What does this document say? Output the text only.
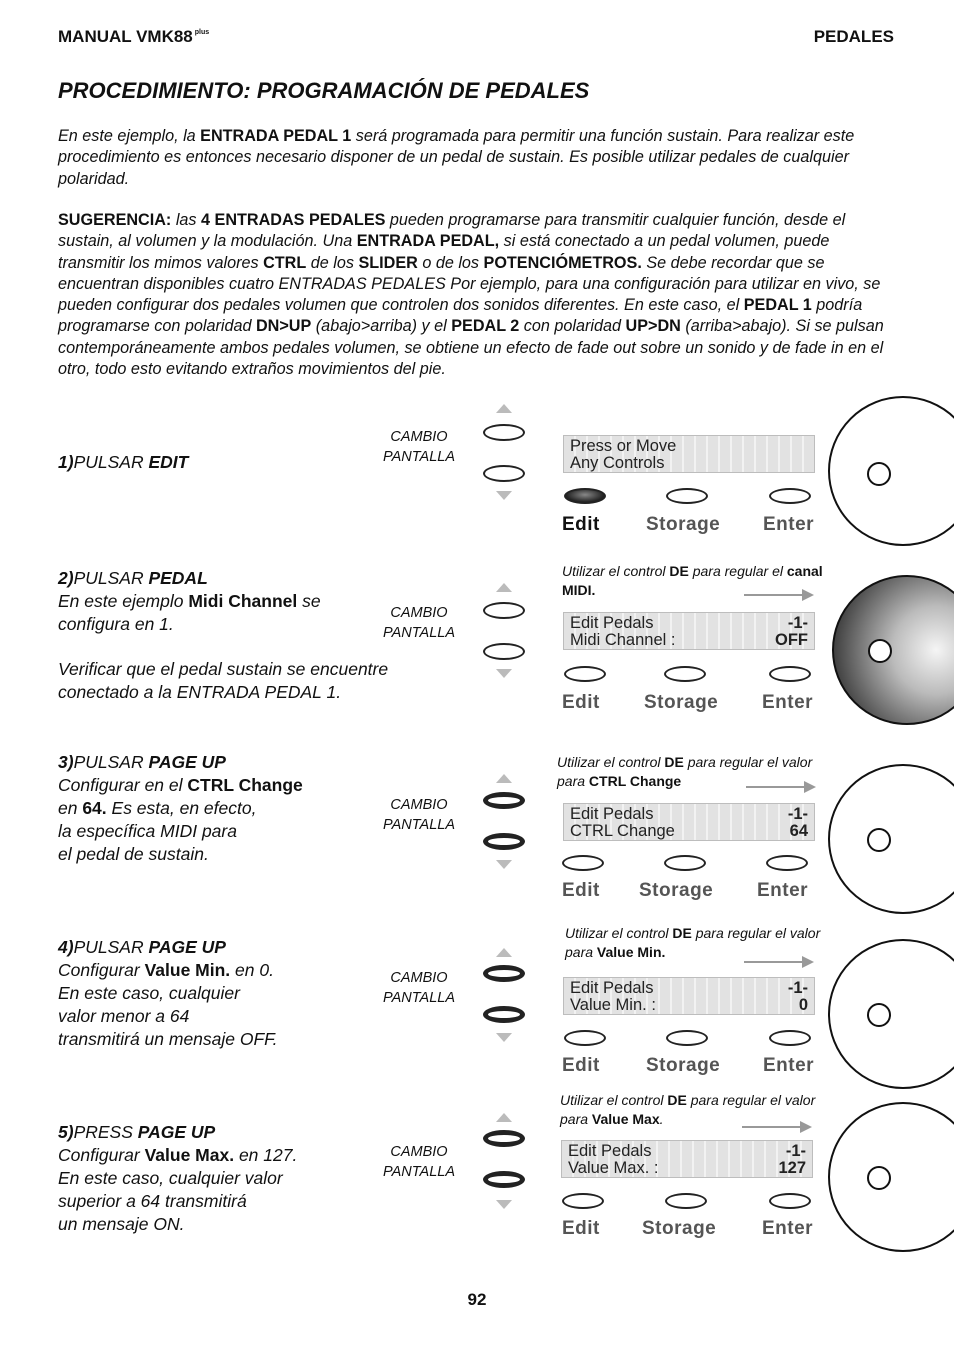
MANUAL VMK88 $^{plus}$	PEDALES
PROCEDIMIENTO: PROGRAMACIÓN DE PEDALES
En este ejemplo, la ENTRADA PEDAL 1 será programada para permitir una función sustain. Para realizar este procedimiento es entonces necesario disponer de un pedal de sustain. Es posible utilizar pedales de cualquier polaridad.
SUGERENCIA: las 4 ENTRADAS PEDALES pueden programarse para transmitir cualquier función, desde el sustain, al volumen y la modulación. Una ENTRADA PEDAL, si está conectado a un pedal volumen, puede transmitir los mimos valores CTRL de los SLIDER o de los POTENCIÓMETROS. Se debe recordar que se encuentran disponibles cuatro ENTRADAS PEDALES Por ejemplo, para una configuración para utilizar en vivo, se pueden configurar dos pedales volumen que controlen dos sonidos diferentes. En este caso, el PEDAL 1 podría programarse con polaridad DN>UP (abajo>arriba) y el PEDAL 2 con polaridad UP>DN (arriba>abajo). Si se pulsan contemporáneamente ambos pedales volumen, se obtiene un efecto de fade out sobre un sonido y de fade in en el otro, todo esto evitando extraños movimientos del pie.
1)PULSAR EDIT
CAMBIO
PANTALLA
Press or Move
Any Controls
Edit Storage Enter
2)PULSAR PEDAL
En este ejemplo Midi Channel se configura en 1.
Verificar que el pedal sustain se encuentre conectado a la ENTRADA PEDAL 1.
CAMBIO
PANTALLA
Utilizar el control DE para regular el canal MIDI.
Edit Pedals	-1-
Midi Channel :	OFF
Edit Storage Enter
3)PULSAR PAGE UP
Configurar en el CTRL Change
en 64. Es esta, en efecto,
la específica MIDI para
el pedal de sustain.
CAMBIO
PANTALLA
Utilizar el control DE para regular el valor para CTRL Change
Edit Pedals	-1-
CTRL Change	64
Edit Storage Enter
4)PULSAR PAGE UP
Configurar Value Min. en 0.
En este caso, cualquier
valor menor a 64
transmitirá un mensaje OFF.
CAMBIO
PANTALLA
Utilizar el control DE para regular el valor para Value Min.
Edit Pedals	-1-
Value Min. :	0
Edit Storage Enter
5)PRESS PAGE UP
Configurar Value Max. en 127.
En este caso, cualquier valor
superior a 64 transmitirá
un mensaje ON.
CAMBIO
PANTALLA
Utilizar el control DE para regular el valor para Value Max.
Edit Pedals	-1-
Value Max. :	127
Edit Storage Enter
92
